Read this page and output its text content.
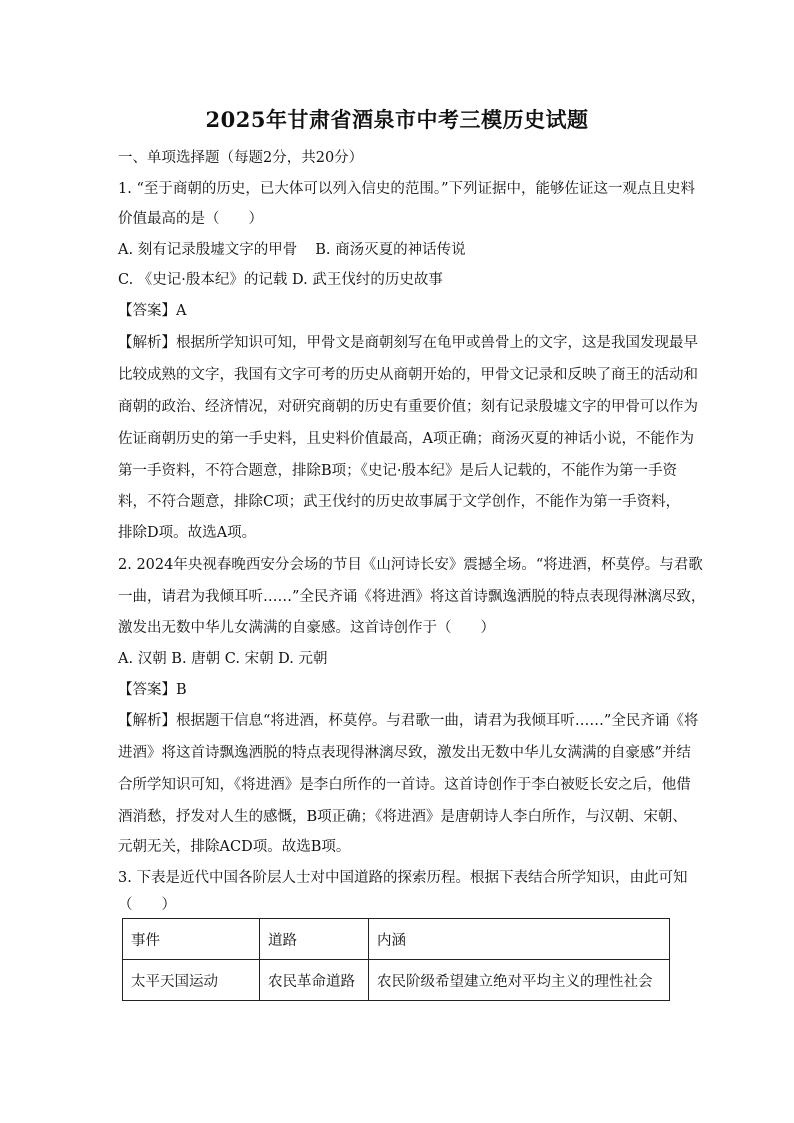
2025年甘肃省酒泉市中考三模历史试题
一、单项选择题（每题2分，共20分）
1. “至于商朝的历史，已大体可以列入信史的范围。”下列证据中，能够佐证这一观点且史料
价值最高的是（　　）
A. 刻有记录殷墟文字的甲骨 B. 商汤灭夏的神话传说
C. 《史记·殷本纪》的记载 D. 武王伐纣的历史故事
【答案】A
【解析】根据所学知识可知，甲骨文是商朝刻写在龟甲或兽骨上的文字，这是我国发现最早
比较成熟的文字，我国有文字可考的历史从商朝开始的，甲骨文记录和反映了商王的活动和
商朝的政治、经济情况，对研究商朝的历史有重要价值；刻有记录殷墟文字的甲骨可以作为
佐证商朝历史的第一手史料，且史料价值最高，A项正确；商汤灭夏的神话小说，不能作为
第一手资料，不符合题意，排除B项；《史记·殷本纪》是后人记载的，不能作为第一手资
料，不符合题意，排除C项；武王伐纣的历史故事属于文学创作，不能作为第一手资料，
排除D项。故选A项。
2. 2024年央视春晚西安分会场的节目《山河诗长安》震撼全场。“将进酒，杯莫停。与君歌
一曲，请君为我倾耳听……”全民齐诵《将进酒》将这首诗飘逸洒脱的特点表现得淋漓尽致，
激发出无数中华儿女满满的自豪感。这首诗创作于（　　）
A. 汉朝 B. 唐朝 C. 宋朝 D. 元朝
【答案】B
【解析】根据题干信息“将进酒，杯莫停。与君歌一曲，请君为我倾耳听……”全民齐诵《将
进酒》将这首诗飘逸洒脱的特点表现得淋漓尽致，激发出无数中华儿女满满的自豪感”并结
合所学知识可知，《将进酒》是李白所作的一首诗。这首诗创作于李白被贬长安之后，他借
酒消愁，抒发对人生的感慨，B项正确；《将进酒》是唐朝诗人李白所作，与汉朝、宋朝、
元朝无关，排除ACD项。故选B项。
3. 下表是近代中国各阶层人士对中国道路的探索历程。根据下表结合所学知识，由此可知
（　　）
事件	道路	内涵
太平天国运动	农民革命道路	农民阶级希望建立绝对平均主义的理性社会
